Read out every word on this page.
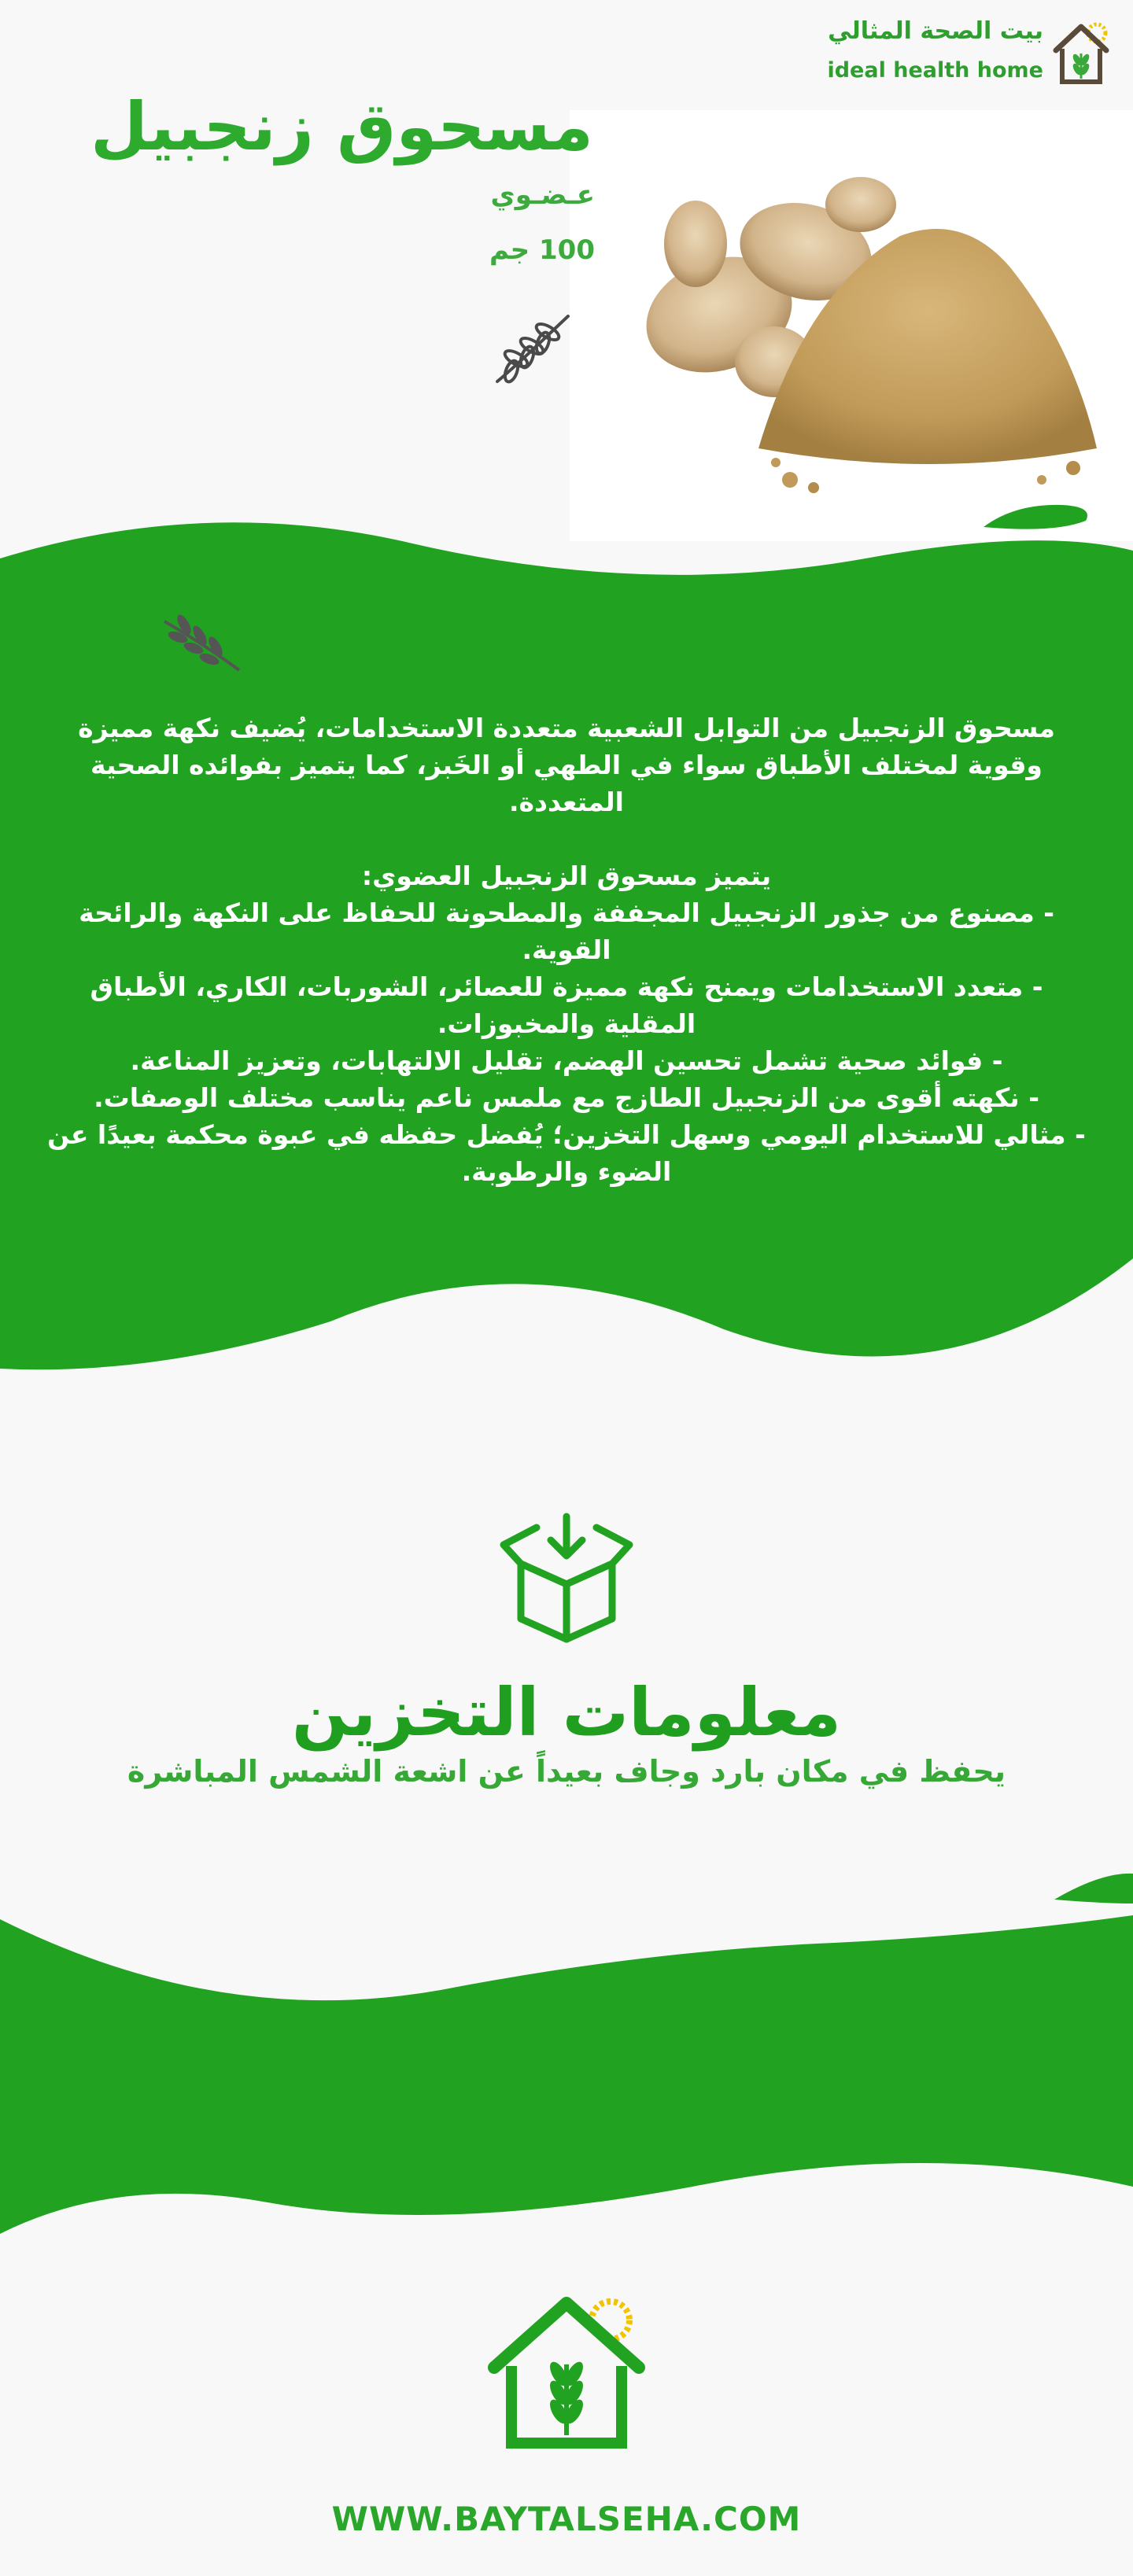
بيت الصحة المثالي
ideal health home
مسحوق زنجبيل
عـضـوي
100 جم

مسحوق الزنجبيل من التوابل الشعبية متعددة الاستخدامات، يُضيف نكهة مميزة

وقوية لمختلف الأطباق سواء في الطهي أو الخَبز، كما يتميز بفوائده الصحية المتعددة.

يتميز مسحوق الزنجبيل العضوي:

- مصنوع من جذور الزنجبيل المجففة والمطحونة للحفاظ على النكهة والرائحة القوية.

- متعدد الاستخدامات ويمنح نكهة مميزة للعصائر، الشوربات، الكاري، الأطباق المقلية والمخبوزات.

- فوائد صحية تشمل تحسين الهضم، تقليل الالتهابات، وتعزيز المناعة.

- نكهته أقوى من الزنجبيل الطازج مع ملمس ناعم يناسب مختلف الوصفات.

- مثالي للاستخدام اليومي وسهل التخزين؛ يُفضل حفظه في عبوة محكمة بعيدًا عن الضوء والرطوبة.

معلومات التخزين
يحفظ في مكان بارد وجاف بعيداً عن اشعة الشمس المباشرة
WWW.BAYTALSEHA.COM
